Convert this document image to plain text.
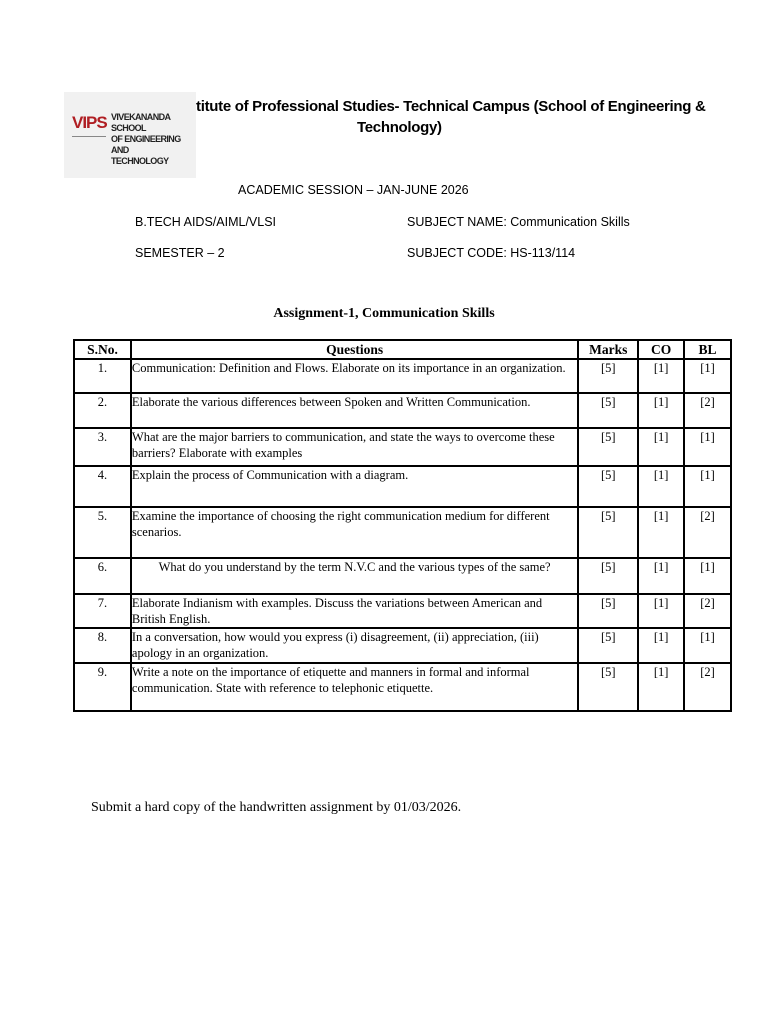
VIPS VIVEKANANDA SCHOOL
OF ENGINEERING AND
TECHNOLOGY
titute of Professional Studies- Technical Campus (School of Engineering &
Technology)
ACADEMIC SESSION – JAN-JUNE 2026
B.TECH AIDS/AIML/VLSI	SUBJECT NAME: Communication Skills
SEMESTER – 2	SUBJECT CODE: HS-113/114
Assignment-1, Communication Skills
S.No.	Questions	Marks	CO	BL
1.	Communication: Definition and Flows. Elaborate on its importance in an organization.	[5]	[1]	[1]
2.	Elaborate the various differences between Spoken and Written Communication.	[5]	[1]	[2]
3.	What are the major barriers to communication, and state the ways to overcome these barriers? Elaborate with examples	[5]	[1]	[1]
4.	Explain the process of Communication with a diagram.	[5]	[1]	[1]
5.	Examine the importance of choosing the right communication medium for different scenarios.	[5]	[1]	[2]
6.	What do you understand by the term N.V.C and the various types of the same?	[5]	[1]	[1]
7.	Elaborate Indianism with examples. Discuss the variations between American and British English.	[5]	[1]	[2]
8.	In a conversation, how would you express (i) disagreement, (ii) appreciation, (iii) apology in an organization.	[5]	[1]	[1]
9.	Write a note on the importance of etiquette and manners in formal and informal communication. State with reference to telephonic etiquette.	[5]	[1]	[2]
Submit a hard copy of the handwritten assignment by 01/03/2026.
